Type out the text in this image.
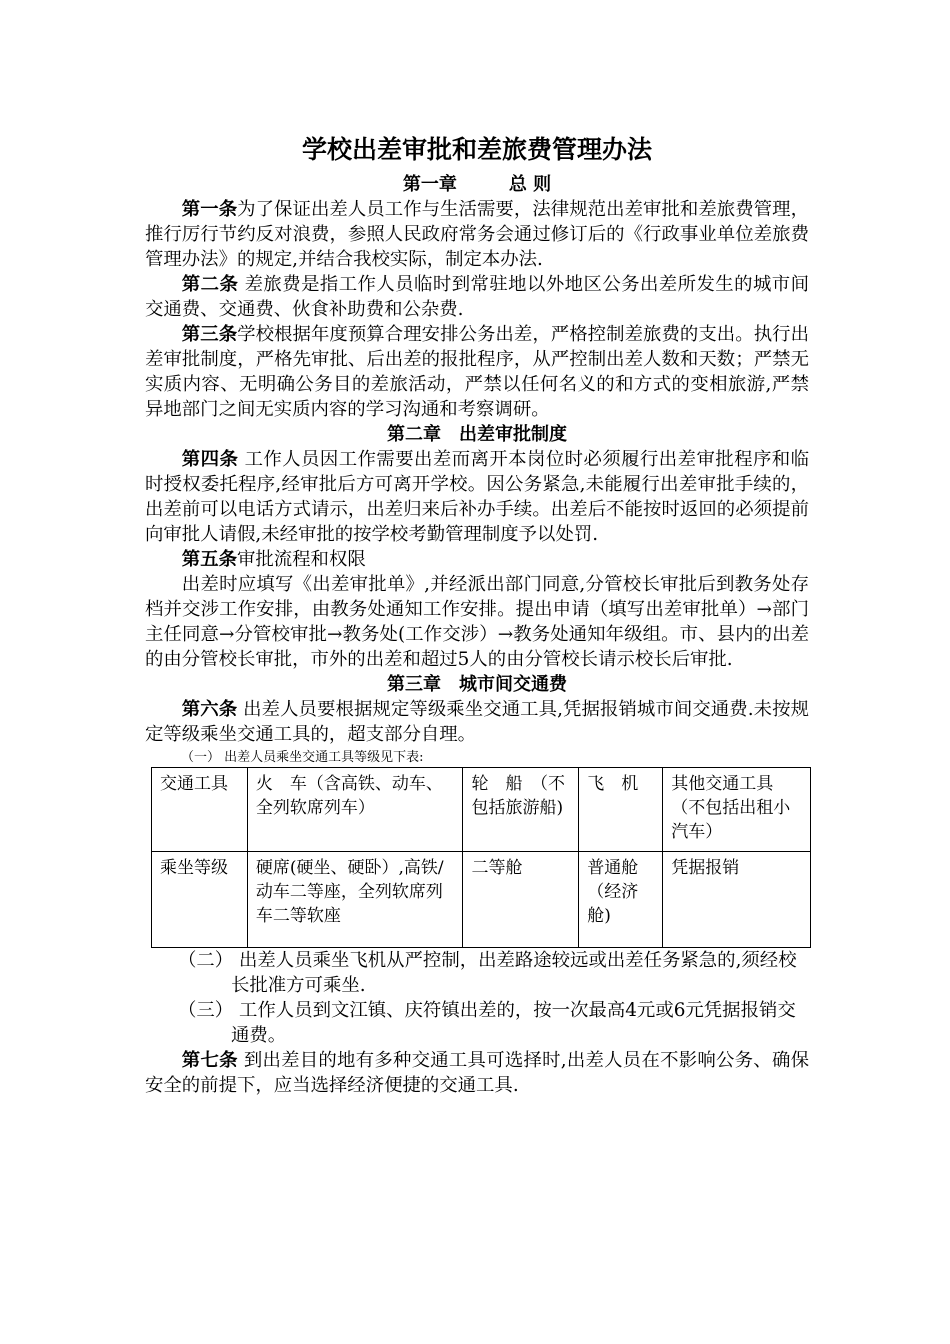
学校出差审批和差旅费管理办法

第一章	总 则

第一条为了保证出差人员工作与生活需要，法律规范出差审批和差旅费管理，推行厉行节约反对浪费，参照人民政府常务会通过修订后的《行政事业单位差旅费管理办法》的规定,并结合我校实际，制定本办法.

第二条 差旅费是指工作人员临时到常驻地以外地区公务出差所发生的城市间交通费、交通费、伙食补助费和公杂费.

第三条学校根据年度预算合理安排公务出差，严格控制差旅费的支出。执行出差审批制度，严格先审批、后出差的报批程序，从严控制出差人数和天数；严禁无实质内容、无明确公务目的差旅活动，严禁以任何名义的和方式的变相旅游,严禁异地部门之间无实质内容的学习沟通和考察调研。

第二章　 出差审批制度

第四条 工作人员因工作需要出差而离开本岗位时必须履行出差审批程序和临时授权委托程序,经审批后方可离开学校。因公务紧急,未能履行出差审批手续的，出差前可以电话方式请示，出差归来后补办手续。出差后不能按时返回的必须提前向审批人请假,未经审批的按学校考勤管理制度予以处罚.

第五条审批流程和权限

出差时应填写《出差审批单》,并经派出部门同意,分管校长审批后到教务处存档并交涉工作安排，由教务处通知工作安排。提出申请（填写出差审批单）→部门主任同意→分管校审批→教务处(工作交涉）→教务处通知年级组。市、县内的出差的由分管校长审批，市外的出差和超过5人的由分管校长请示校长后审批.

第三章　 城市间交通费

第六条 出差人员要根据规定等级乘坐交通工具,凭据报销城市间交通费.未按规定等级乘坐交通工具的，超支部分自理。

（一） 出差人员乘坐交通工具等级见下表:

交通工具	火　车（含高铁、动车、全列软席列车）	轮　船　（不包括旅游船)	飞　机	其他交通工具（不包括出租小汽车）
乘坐等级	硬席(硬坐、硬卧）,高铁/动车二等座，全列软席列车二等软座	二等舱	普通舱（经济舱)	凭据报销

（二） 出差人员乘坐飞机从严控制，出差路途较远或出差任务紧急的,须经校长批准方可乘坐.

（三） 工作人员到文江镇、庆符镇出差的，按一次最高4元或6元凭据报销交通费。

第七条 到出差目的地有多种交通工具可选择时,出差人员在不影响公务、确保安全的前提下，应当选择经济便捷的交通工具.
